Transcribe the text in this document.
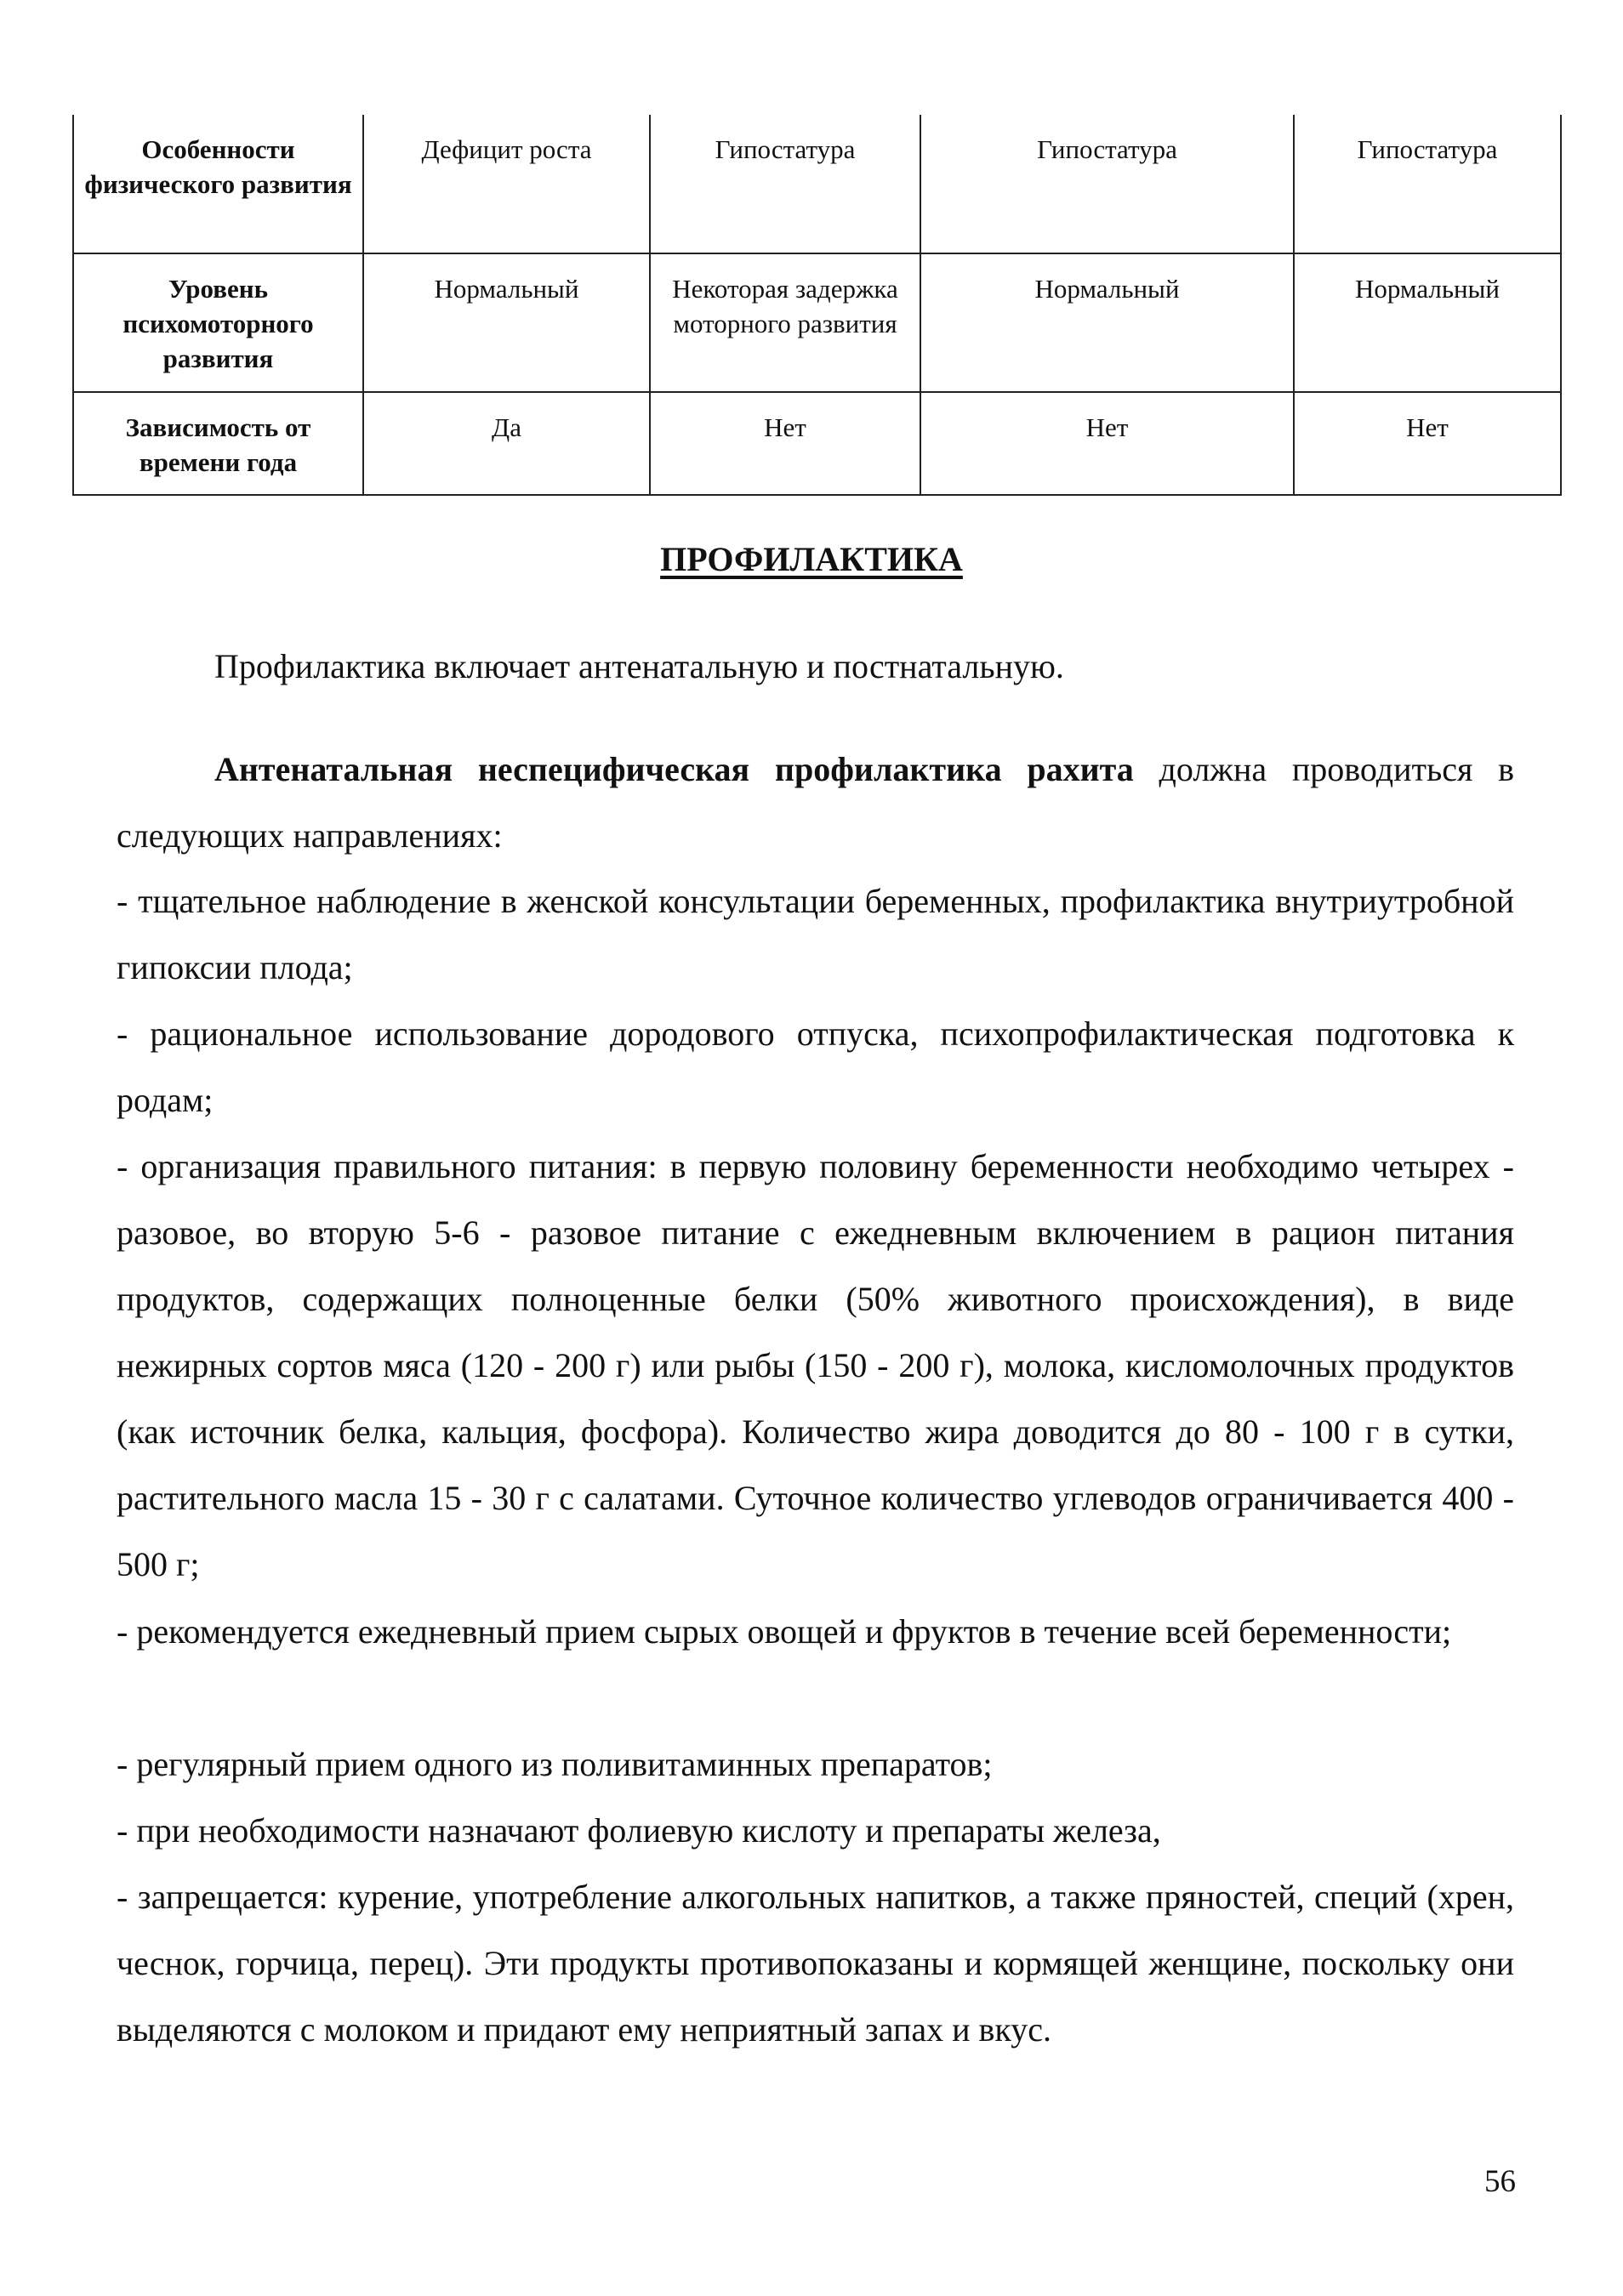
Особенности физического развития	Дефицит роста	Гипостатура	Гипостатура	Гипостатура
Уровень психомоторного развития	Нормальный	Некоторая задержка моторного развития	Нормальный	Нормальный
Зависимость от времени года	Да	Нет	Нет	Нет
ПРОФИЛАКТИКА
Профилактика включает антенатальную и постнатальную.
Антенатальная неспецифическая профилактика рахита должна проводиться в следующих направлениях:
- тщательное наблюдение в женской консультации беременных, профилактика внутриутробной гипоксии плода;
- рациональное использование дородового отпуска, психопрофилактическая подготовка к родам;
- организация правильного питания: в первую половину беременности необходимо четырех - разовое, во вторую 5-6 - разовое питание с ежедневным включением в рацион питания продуктов, содержащих полноценные белки (50% животного происхождения), в виде нежирных сортов мяса (120 - 200 г) или рыбы (150 - 200 г), молока, кисломолочных продуктов (как источник белка, кальция, фосфора). Количество жира доводится до 80 - 100 г в сутки, растительного масла 15 - 30 г с салатами. Суточное количество углеводов ограничивается 400 - 500 г;
- рекомендуется ежедневный прием сырых овощей и фруктов в течение всей беременности;
- регулярный прием одного из поливитаминных препаратов;
- при необходимости назначают фолиевую кислоту и препараты железа,
- запрещается: курение, употребление алкогольных напитков, а также пряностей, специй (хрен, чеснок, горчица, перец). Эти продукты противопоказаны и кормящей женщине, поскольку они выделяются с молоком и придают ему неприятный запах и вкус.
56
